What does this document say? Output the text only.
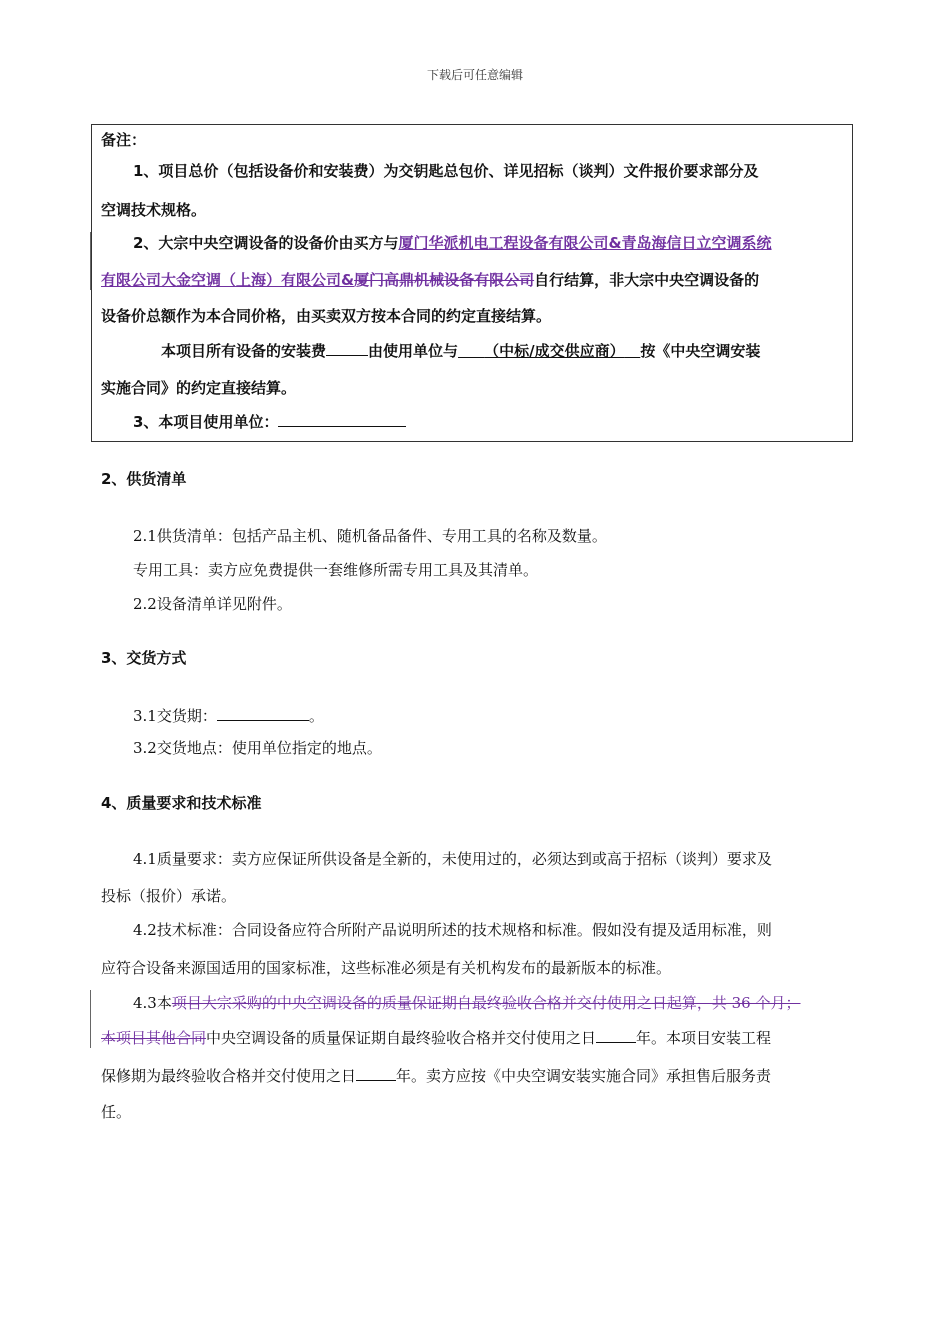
下载后可任意编辑
备注：
1、项目总价（包括设备价和安装费）为交钥匙总包价、详见招标（谈判）文件报价要求部分及
空调技术规格。
2、大宗中央空调设备的设备价由买方与厦门华派机电工程设备有限公司&青岛海信日立空调系统
有限公司大金空调（上海）有限公司&厦门高鼎机械设备有限公司自行结算，非大宗中央空调设备的
设备价总额作为本合同价格，由买卖双方按本合同的约定直接结算。
本项目所有设备的安装费	由使用单位与 （中标/成交供应商） 按《中央空调安装
实施合同》的约定直接结算。
3、本项目使用单位：
2、供货清单
2.1供货清单：包括产品主机、随机备品备件、专用工具的名称及数量。
专用工具：卖方应免费提供一套维修所需专用工具及其清单。
2.2设备清单详见附件。
3、交货方式
3.1交货期：	。
3.2交货地点：使用单位指定的地点。
4、质量要求和技术标准
4.1质量要求：卖方应保证所供设备是全新的，未使用过的，必须达到或高于招标（谈判）要求及
投标（报价）承诺。
4.2技术标准：合同设备应符合所附产品说明所述的技术规格和标准。假如没有提及适用标准，则
应符合设备来源国适用的国家标准，这些标准必须是有关机构发布的最新版本的标准。
4.3本项目大宗采购的中央空调设备的质量保证期自最终验收合格并交付使用之日起算，共 36 个月；
本项目其他合同中央空调设备的质量保证期自最终验收合格并交付使用之日	年。本项目安装工程
保修期为最终验收合格并交付使用之日	年。卖方应按《中央空调安装实施合同》承担售后服务责
任。
